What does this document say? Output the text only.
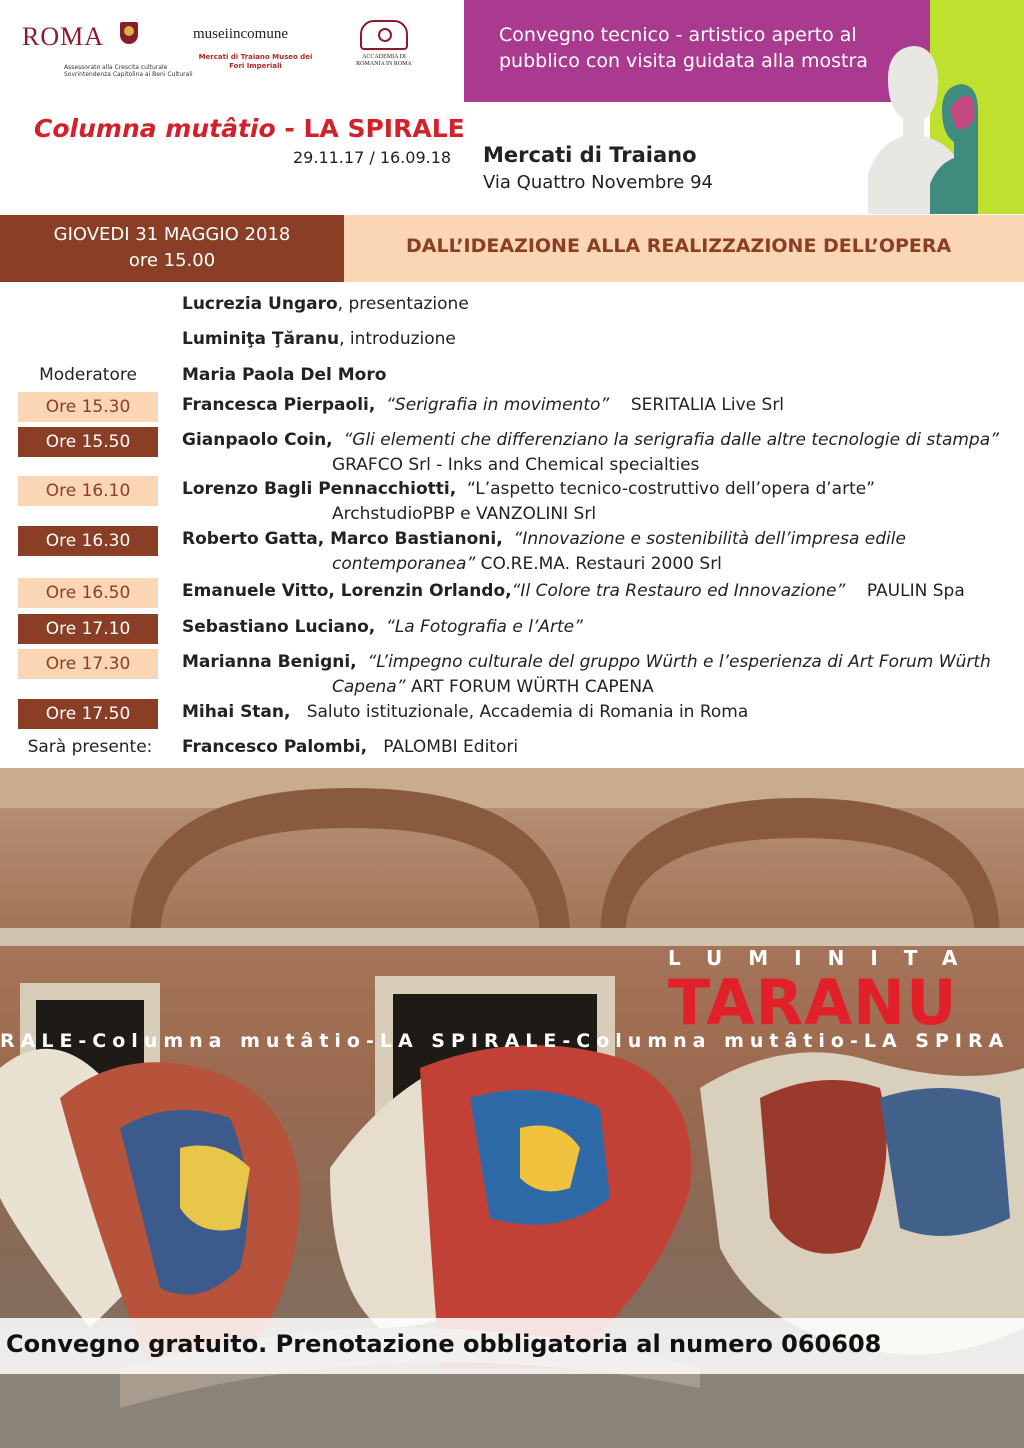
ROMA
Assessorato alla Crescita culturale Sovrintendenza Capitolina ai Beni Culturali
museiincomune
Mercati di Traiano Museo dei Fori Imperiali
ACCADEMIA DI ROMANIA IN ROMA
Convegno tecnico - artistico aperto al pubblico con visita guidata alla mostra
Columna mutâtio - LA SPIRALE
29.11.17 / 16.09.18 Mercati di Traiano
Via Quattro Novembre 94
GIOVEDI 31 MAGGIO 2018
ore 15.00
DALL’IDEAZIONE ALLA REALIZZAZIONE DELL’OPERA
Lucrezia Ungaro, presentazione
Luminiţa Ţăranu, introduzione
Moderatore	Maria Paola Del Moro
Ore 15.30	Francesca Pierpaoli, “Serigrafia in movimento” SERITALIA Live Srl
Ore 15.50	Gianpaolo Coin, “Gli elementi che differenziano la serigrafia dalle altre tecnologie di stampa”
GRAFCO Srl - Inks and Chemical specialties
Ore 16.10	Lorenzo Bagli Pennacchiotti, “L’aspetto tecnico-costruttivo dell’opera d’arte”
ArchstudioPBP e VANZOLINI Srl
Ore 16.30	Roberto Gatta, Marco Bastianoni, “Innovazione e sostenibilità dell’impresa edile
contemporanea” CO.RE.MA. Restauri 2000 Srl
Ore 16.50	Emanuele Vitto, Lorenzin Orlando,“Il Colore tra Restauro ed Innovazione” PAULIN Spa
Ore 17.10	Sebastiano Luciano, “La Fotografia e l’Arte”
Ore 17.30	Marianna Benigni, “L’impegno culturale del gruppo Würth e l’esperienza di Art Forum Würth
Capena” ART FORUM WÜRTH CAPENA
Ore 17.50	Mihai Stan, Saluto istituzionale, Accademia di Romania in Roma
Sarà presente:	Francesco Palombi, PALOMBI Editori
LUMINITA
TARANU
RALE-Columna mutâtio-LA SPIRALE-Columna mutâtio-LA SPIRA
Convegno gratuito. Prenotazione obbligatoria al numero 060608
